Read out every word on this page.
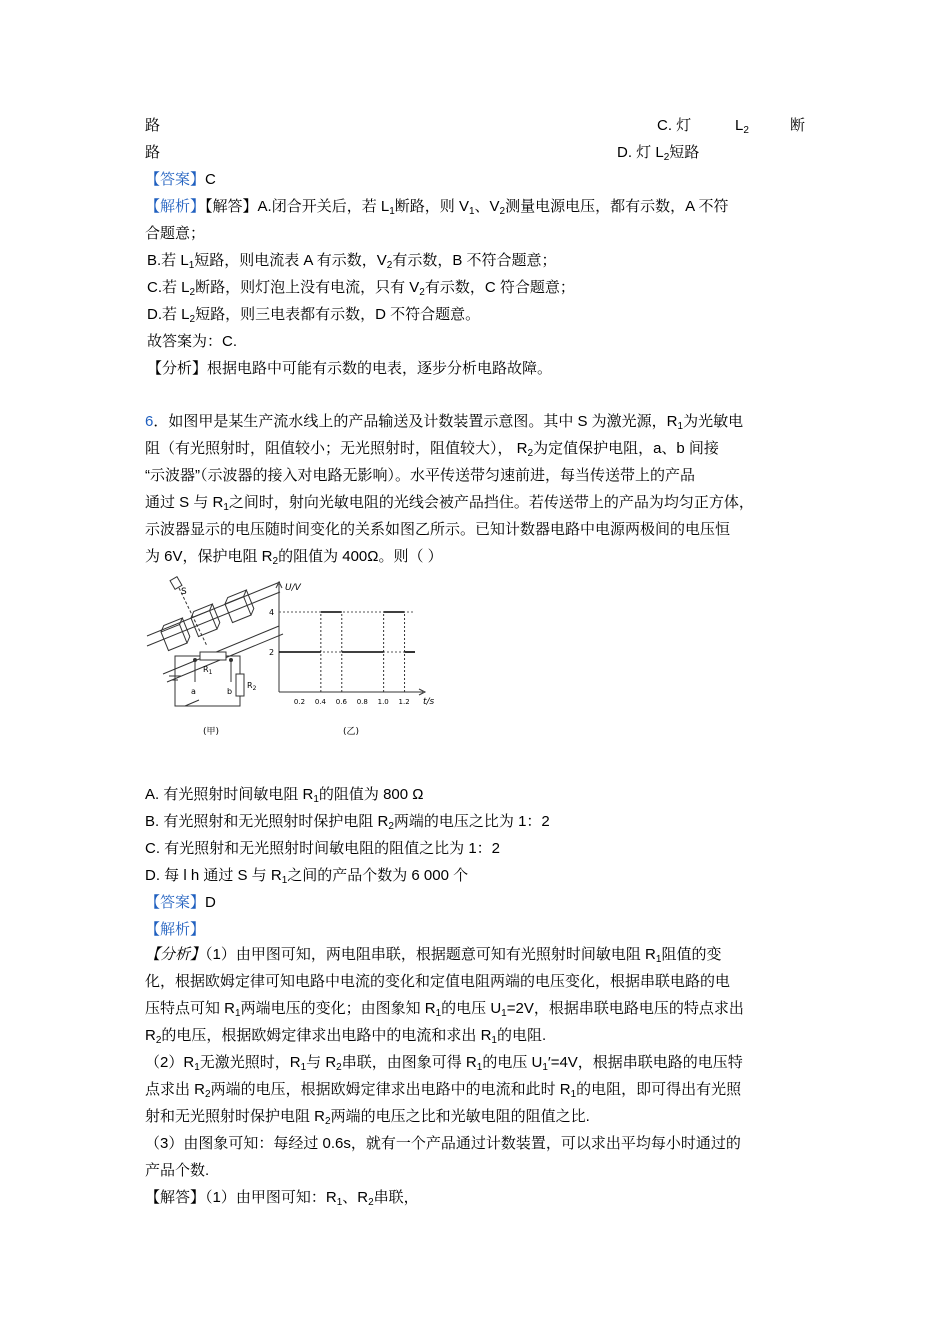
路	C. 灯	$L_2$	断
路	D. 灯 $L_2$短路
【答案】C
【解析】【解答】A.闭合开关后，若 $L_1$断路，则 $V_1$、$V_2$测量电源电压，都有示数，A 不符
合题意；
B.若 $L_1$短路，则电流表 A 有示数，$V_2$有示数，B 不符合题意；
C.若 $L_2$断路，则灯泡上没有电流，只有 $V_2$有示数，C 符合题意；
D.若 $L_2$短路，则三电表都有示数，D 不符合题意。
故答案为：C.
【分析】根据电路中可能有示数的电表，逐步分析电路故障。
6．如图甲是某生产流水线上的产品输送及计数装置示意图。其中 S 为激光源，$R_1$为光敏电
阻（有光照射时，阻值较小；无光照射时，阻值较大）， $R_2$为定值保护电阻，a、b 间接
“示波器”（示波器的接入对电路无影响）。水平传送带匀速前进，每当传送带上的产品
通过 S 与 $R_1$之间时，射向光敏电阻的光线会被产品挡住。若传送带上的产品为均匀正方体，
示波器显示的电压随时间变化的关系如图乙所示。已知计数器电路中电源两极间的电压恒
为 6V，保护电阻 $R_2$的阻值为 400Ω。则（ ）
S
$R_1$
$R_2$
a	b
(甲)
U/V
t/s
2
4
0.2 0.4 0.6 0.8 1.0 1.2
(乙)
A. 有光照射时间敏电阻 $R_1$的阻值为 800 Ω
B. 有光照射和无光照射时保护电阻 $R_2$两端的电压之比为 1：2
C. 有光照射和无光照射时间敏电阻的阻值之比为 1：2
D. 每 l h 通过 S 与 $R_1$之间的产品个数为 6 000 个
【答案】D
【解析】
【分析】（1）由甲图可知，两电阻串联，根据题意可知有光照射时间敏电阻 $R_1$阻值的变
化，根据欧姆定律可知电路中电流的变化和定值电阻两端的电压变化，根据串联电路的电
压特点可知 $R_1$两端电压的变化；由图象知 $R_1$的电压 $U_1=2V$，根据串联电路电压的特点求出
$R_2$的电压，根据欧姆定律求出电路中的电流和求出 $R_1$的电阻.
$(2)R_1$无激光照时，$R_1$与 $R_2$串联，由图象可得 $R_1$的电压 $U_1'=4V$，根据串联电路的电压特
点求出 $R_2$两端的电压，根据欧姆定律求出电路中的电流和此时 $R_1$的电阻，即可得出有光照
射和无光照射时保护电阻 $R_2$两端的电压之比和光敏电阻的阻值之比.
（3）由图象可知：每经过 0.6s，就有一个产品通过计数装置，可以求出平均每小时通过的
产品个数.
【解答】（1）由甲图可知：$R_1$、$R_2$串联，
